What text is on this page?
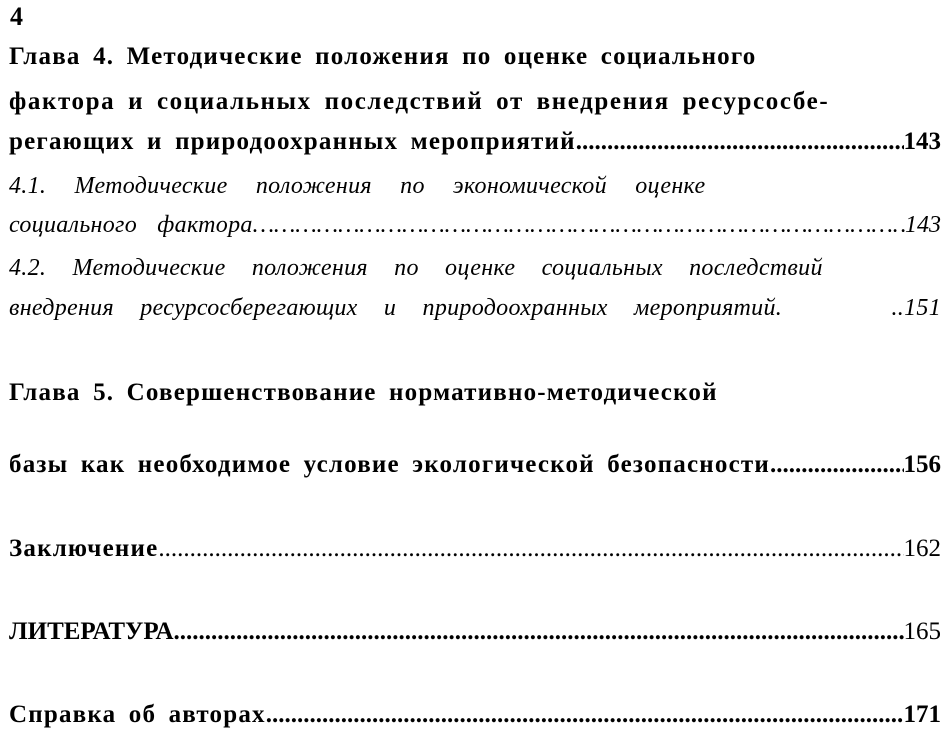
4
Глава 4. Методические положения по оценке социального
фактора и социальных последствий от внедрения ресурсосбе-
регающих и природоохранных мероприятий .....	143
4.1. Методические положения по экономической оценке
социального фактора ……………………………………………………………………………………………………………………	143
4.2. Методические положения по оценке социальных последствий
внедрения ресурсосберегающих и природоохранных мероприятий.	..151
Глава 5. Совершенствование нормативно-методической
базы как необходимое условие экологической безопасности .....	156
Заключение .....	162
ЛИТЕРАТУРА .....	165
Справка об авторах .....	171
